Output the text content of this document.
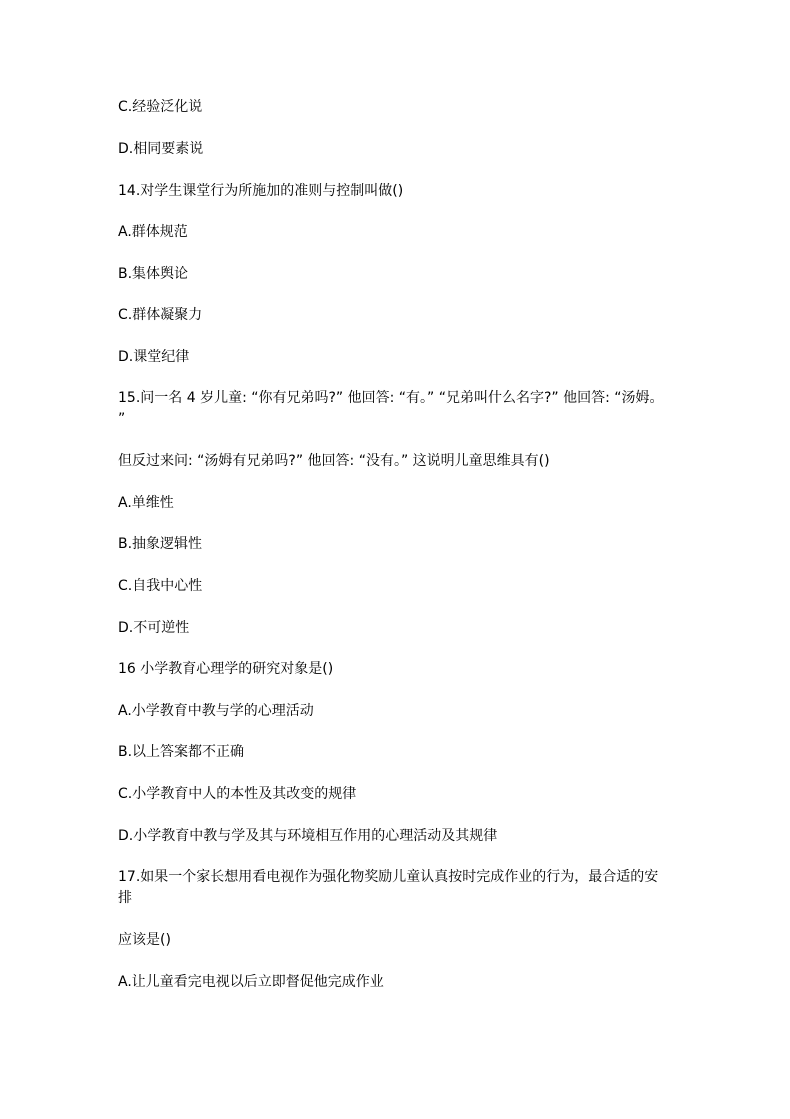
C.经验泛化说
D.相同要素说
14.对学生课堂行为所施加的准则与控制叫做()
A.群体规范
B.集体舆论
C.群体凝聚力
D.课堂纪律
15.问一名 4 岁儿童: “你有兄弟吗?” 他回答: “有。” “兄弟叫什么名字?” 他回答: “汤姆。
”
但反过来问: “汤姆有兄弟吗?” 他回答: “没有。” 这说明儿童思维具有()
A.单维性
B.抽象逻辑性
C.自我中心性
D.不可逆性
16 小学教育心理学的研究对象是()
A.小学教育中教与学的心理活动
B.以上答案都不正确
C.小学教育中人的本性及其改变的规律
D.小学教育中教与学及其与环境相互作用的心理活动及其规律
17.如果一个家长想用看电视作为强化物奖励儿童认真按时完成作业的行为，最合适的安
排
应该是()
A.让儿童看完电视以后立即督促他完成作业
